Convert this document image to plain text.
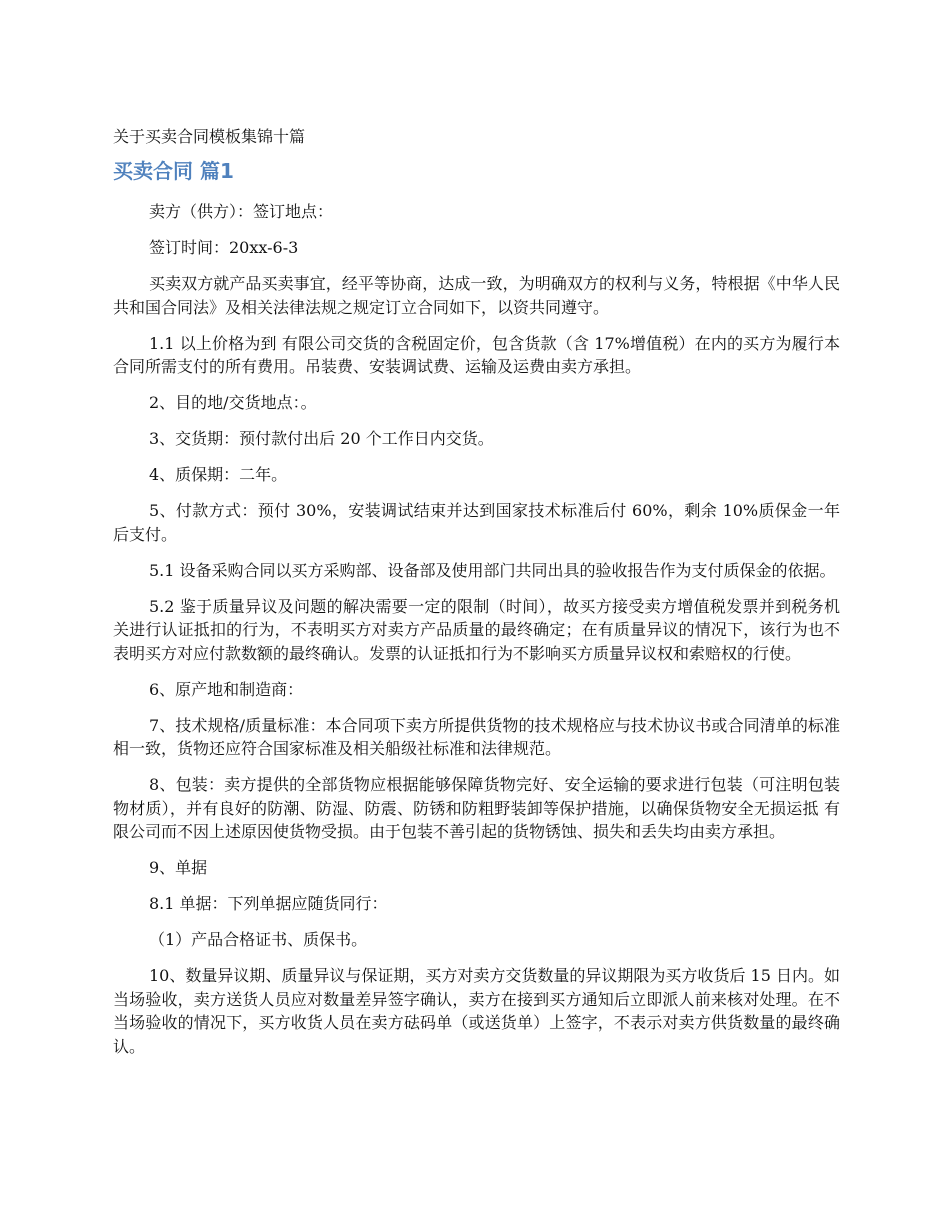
关于买卖合同模板集锦十篇
买卖合同 篇1

卖方（供方）：签订地点：

签订时间：20xx-6-3

买卖双方就产品买卖事宜，经平等协商，达成一致，为明确双方的权利与义务，特根据《中华人民共和国合同法》及相关法律法规之规定订立合同如下，以资共同遵守。

1.1 以上价格为到 有限公司交货的含税固定价，包含货款（含 17%增值税）在内的买方为履行本合同所需支付的所有费用。吊装费、安装调试费、运输及运费由卖方承担。

2、目的地/交货地点：。

3、交货期：预付款付出后 20 个工作日内交货。

4、质保期：二年。

5、付款方式：预付 30%，安装调试结束并达到国家技术标准后付 60%，剩余 10%质保金一年后支付。

5.1 设备采购合同以买方采购部、设备部及使用部门共同出具的验收报告作为支付质保金的依据。

5.2 鉴于质量异议及问题的解决需要一定的限制（时间），故买方接受卖方增值税发票并到税务机关进行认证抵扣的行为，不表明买方对卖方产品质量的最终确定；在有质量异议的情况下，该行为也不表明买方对应付款数额的最终确认。发票的认证抵扣行为不影响买方质量异议权和索赔权的行使。

6、原产地和制造商：

7、技术规格/质量标准：本合同项下卖方所提供货物的技术规格应与技术协议书或合同清单的标准相一致，货物还应符合国家标准及相关船级社标准和法律规范。

8、包装：卖方提供的全部货物应根据能够保障货物完好、安全运输的要求进行包装（可注明包装物材质），并有良好的防潮、防湿、防震、防锈和防粗野装卸等保护措施，以确保货物安全无损运抵 有限公司而不因上述原因使货物受损。由于包装不善引起的货物锈蚀、损失和丢失均由卖方承担。

9、单据

8.1 单据：下列单据应随货同行：

（1）产品合格证书、质保书。

10、数量异议期、质量异议与保证期，买方对卖方交货数量的异议期限为买方收货后 15 日内。如当场验收，卖方送货人员应对数量差异签字确认，卖方在接到买方通知后立即派人前来核对处理。在不当场验收的情况下，买方收货人员在卖方砝码单（或送货单）上签字，不表示对卖方供货数量的最终确认。
